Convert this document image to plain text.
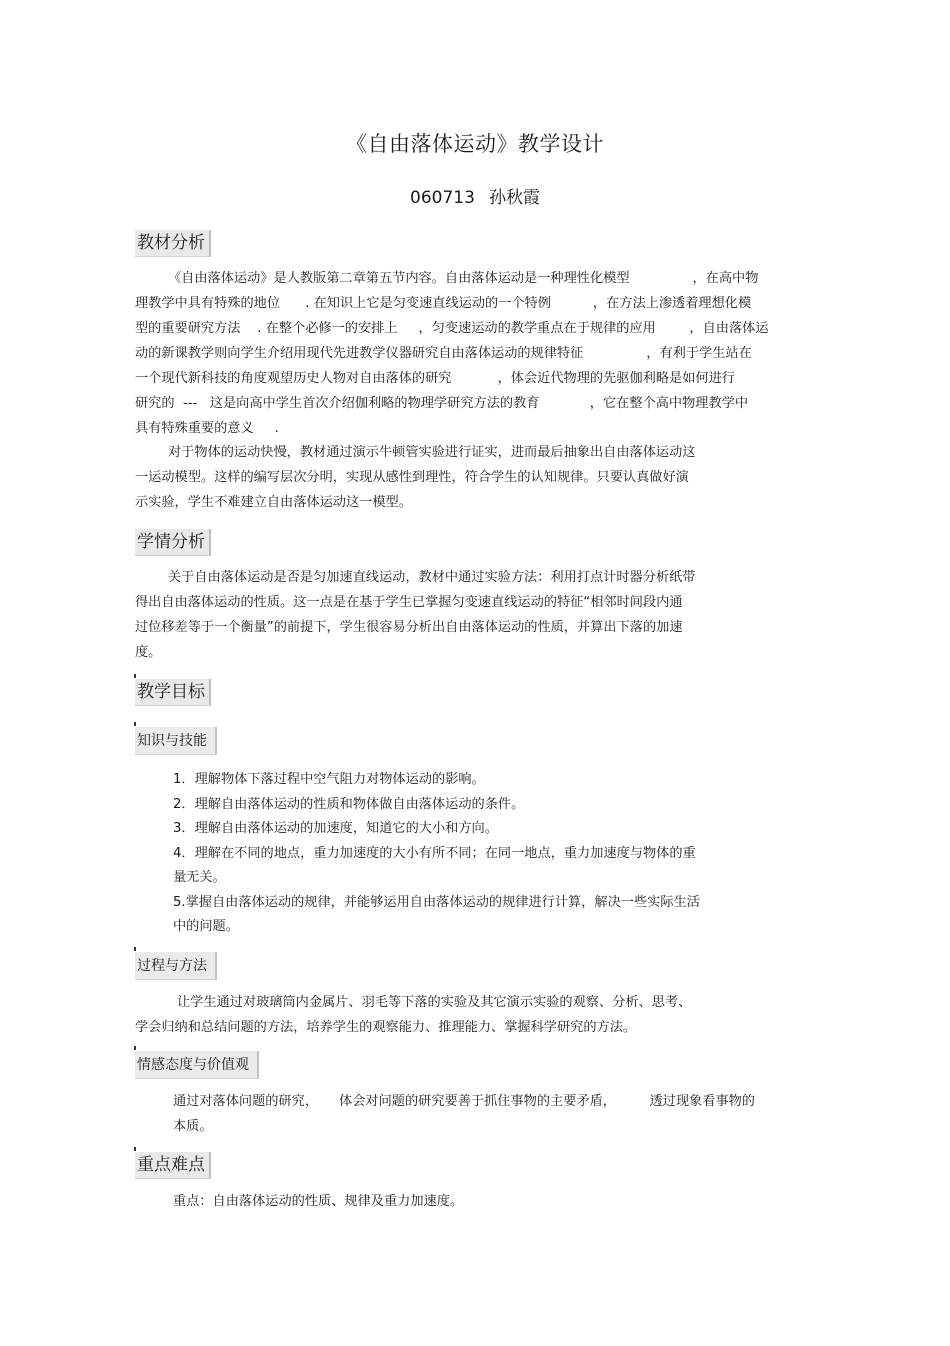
《自由落体运动》教学设计
060713 孙秋霞
教材分析
《自由落体运动》是人教版第二章第五节内容。自由落体运动是一种理性化模型               ，在高中物
理教学中具有特殊的地位      . 在知识上它是匀变速直线运动的一个特例          ，在方法上渗透着理想化模
型的重要研究方法    . 在整个必修一的安排上     ，匀变速运动的教学重点在于规律的应用        ，自由落体运
动的新课教学则向学生介绍用现代先进教学仪器研究自由落体运动的规律特征               ，有利于学生站在
一个现代新科技的角度观望历史人物对自由落体的研究           ，体会近代物理的先驱伽利略是如何进行
研究的  ---   这是向高中学生首次介绍伽利略的物理学研究方法的教育            ，它在整个高中物理教学中
具有特殊重要的意义     .
对于物体的运动快慢，教材通过演示牛顿管实验进行证实，进而最后抽象出自由落体运动这
一运动模型。这样的编写层次分明，实现从感性到理性，符合学生的认知规律。只要认真做好演
示实验，学生不难建立自由落体运动这一模型。
学情分析
关于自由落体运动是否是匀加速直线运动，教材中通过实验方法：利用打点计时器分析纸带
得出自由落体运动的性质。这一点是在基于学生已掌握匀变速直线运动的特征“相邻时间段内通
过位移差等于一个衡量”的前提下，学生很容易分析出自由落体运动的性质，并算出下落的加速
度。
教学目标
知识与技能
1．理解物体下落过程中空气阻力对物体运动的影响。
2．理解自由落体运动的性质和物体做自由落体运动的条件。
3．理解自由落体运动的加速度，知道它的大小和方向。
4．理解在不同的地点，重力加速度的大小有所不同；在同一地点，重力加速度与物体的重
量无关。
5.掌握自由落体运动的规律，并能够运用自由落体运动的规律进行计算，解决一些实际生活
中的问题。
过程与方法
让学生通过对玻璃筒内金属片、羽毛等下落的实验及其它演示实验的观察、分析、思考、
学会归纳和总结问题的方法，培养学生的观察能力、推理能力、掌握科学研究的方法。
情感态度与价值观
通过对落体问题的研究，     体会对问题的研究要善于抓住事物的主要矛盾，        透过现象看事物的
本质。
重点难点
重点：自由落体运动的性质、规律及重力加速度。
